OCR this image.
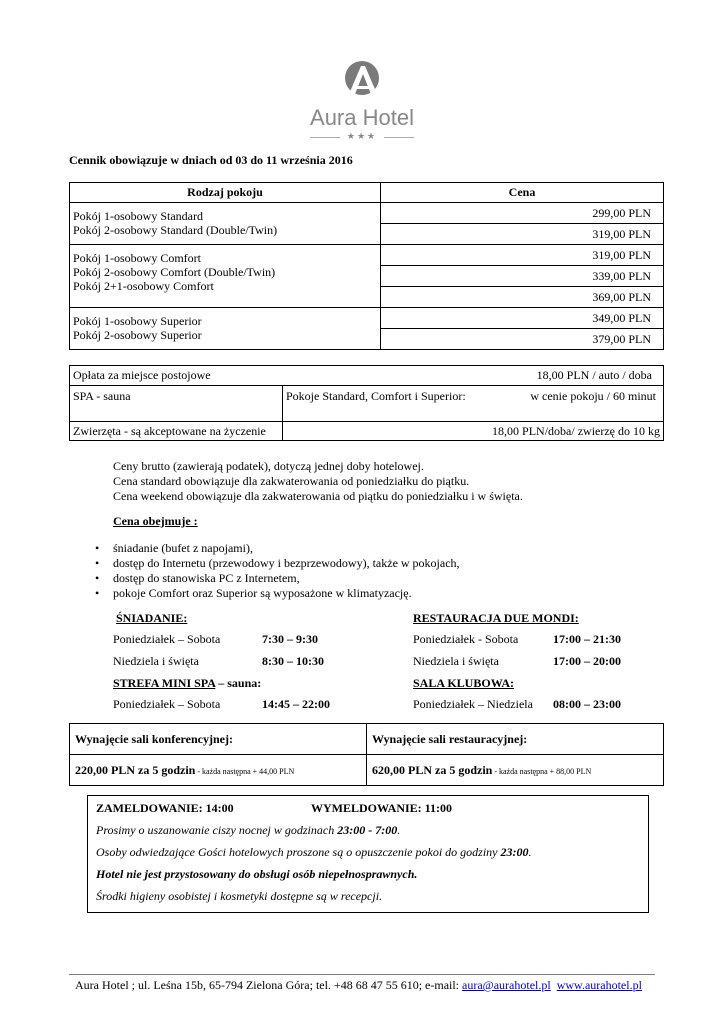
Aura Hotel
★★★
Cennik obowiązuje w dniach od 03 do 11 września 2016
Rodzaj pokoju	Cena

Pokój 1-osobowy Standard
Pokój 2-osobowy Standard (Double/Twin)	299,00 PLN
	319,00 PLN

Pokój 1-osobowy Comfort
Pokój 2-osobowy Comfort (Double/Twin)
Pokój 2+1-osobowy Comfort	319,00 PLN
	339,00 PLN
	369,00 PLN

Pokój 1-osobowy Superior
Pokój 2-osobowy Superior	349,00 PLN
	379,00 PLN
Opłata za miejsce postojowe 18,00 PLN / auto / doba	

SPA - sauna	Pokoje Standard, Comfort i Superior: w cenie pokoju / 60 minut

Zwierzęta - są akceptowane na życzenie	18,00 PLN/doba/ zwierzę do 10 kg
Ceny brutto (zawierają podatek), dotyczą jednej doby hotelowej.
Cena standard obowiązuje dla zakwaterowania od poniedziałku do piątku.
Cena weekend obowiązuje dla zakwaterowania od piątku do poniedziałku i w święta.
Cena obejmuje :
• śniadanie (bufet z napojami),
• dostęp do Internetu (przewodowy i bezprzewodowy), także w pokojach,
• dostęp do stanowiska PC z Internetem,
• pokoje Comfort oraz Superior są wyposażone w klimatyzację.
ŚNIADANIE:
Poniedziałek – Sobota	7:30 – 9:30
Niedziela i święta	8:30 – 10:30
STREFA MINI SPA – sauna:
Poniedziałek – Sobota	14:45 – 22:00
RESTAURACJA DUE MONDI:
Poniedziałek - Sobota	17:00 – 21:30
Niedziela i święta	17:00 – 20:00
SALA KLUBOWA:
Poniedziałek – Niedziela 08:00 – 23:00
Wynajęcie sali konferencyjnej:	Wynajęcie sali restauracyjnej:
220,00 PLN za 5 godzin - każda następna + 44,00 PLN	620,00 PLN za 5 godzin - każda następna + 88,00 PLN
ZAMELDOWANIE: 14:00	WYMELDOWANIE: 11:00
Prosimy o uszanowanie ciszy nocnej w godzinach 23:00 - 7:00.
Osoby odwiedzające Gości hotelowych proszone są o opuszczenie pokoi do godziny 23:00.
Hotel nie jest przystosowany do obsługi osób niepełnosprawnych.
Środki higieny osobistej i kosmetyki dostępne są w recepcji.
Aura Hotel ; ul. Leśna 15b, 65-794 Zielona Góra; tel. +48 68 47 55 610; e-mail: aura@aurahotel.pl www.aurahotel.pl
